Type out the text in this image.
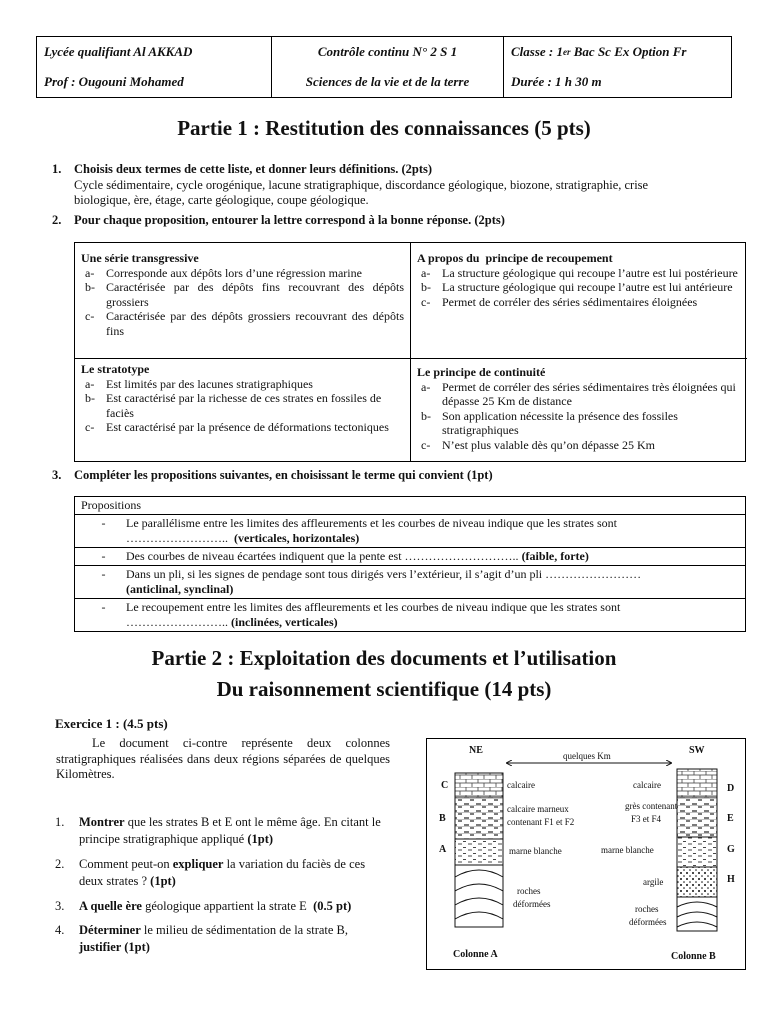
Lycée qualifiant Al AKKAD
Prof : Ougouni Mohamed
Contrôle continu N° 2 S 1
Sciences de la vie et de la terre
Classe : 1 er Bac Sc Ex Option Fr
Durée : 1 h 30 m
Partie 1 : Restitution des connaissances (5 pts)
1. Choisis deux termes de cette liste, et donner leurs définitions. (2pts)
Cycle sédimentaire, cycle orogénique, lacune stratigraphique, discordance géologique, biozone, stratigraphie, crise
biologique, ère, étage, carte géologique, coupe géologique.
2. Pour chaque proposition, entourer la lettre correspond à la bonne réponse. (2pts)
Une série transgressive
a- Corresponde aux dépôts lors d’une régression marine
b- Caractérisée par des dépôts fins recouvrant des dépôts grossiers
c- Caractérisée par des dépôts grossiers recouvrant des dépôts fins
A propos du  principe de recoupement
a- La structure géologique qui recoupe l’autre est lui postérieure
b- La structure géologique qui recoupe l’autre est lui antérieure
c- Permet de corréler des séries sédimentaires éloignées
Le stratotype
a- Est limités par des lacunes stratigraphiques
b- Est caractérisé par la richesse de ces strates en fossiles de faciès
c- Est caractérisé par la présence de déformations tectoniques
Le principe de continuité
a- Permet de corréler des séries sédimentaires très éloignées qui dépasse 25 Km de distance
b- Son application nécessite la présence des fossiles stratigraphiques
c- N’est plus valable dès qu’on dépasse 25 Km
3. Compléter les propositions suivantes, en choisissant le terme qui convient (1pt)
Propositions
-	Le parallélisme entre les limites des affleurements et les courbes de niveau indique que les strates sont
……………………..  (verticales, horizontales)
-	Des courbes de niveau écartées indiquent que la pente est ……………………….. (faible, forte)
-	Dans un pli, si les signes de pendage sont tous dirigés vers l’extérieur, il s’agit d’un pli ……………………
(anticlinal, synclinal)
-	Le recoupement entre les limites des affleurements et les courbes de niveau indique que les strates sont
…………………….. (inclinées, verticales)
Partie 2 : Exploitation des documents et l’utilisation
Du raisonnement scientifique (14 pts)
Exercice 1 : (4.5 pts)
Le document ci-contre représente deux colonnes stratigraphiques réalisées dans deux régions séparées de quelques Kilomètres.
1.	Montrer que les strates B et E ont le même âge. En citant le principe stratigraphique appliqué (1pt)
2.	Comment peut-on expliquer la variation du faciès de ces deux strates ? (1pt)
3.	A quelle ère géologique appartient la strate E  (0.5 pt)
4.	Déterminer le milieu de sédimentation de la strate B, justifier (1pt)
NE	SW
quelques Km
C
B
A
D
E
G
H
calcaire	calcaire
calcaire marneux
contenant F1 et F2
grès contenant
F3 et F4
marne blanche	marne blanche
argile
roches
déformées	roches
déformées
Colonne A	Colonne B
